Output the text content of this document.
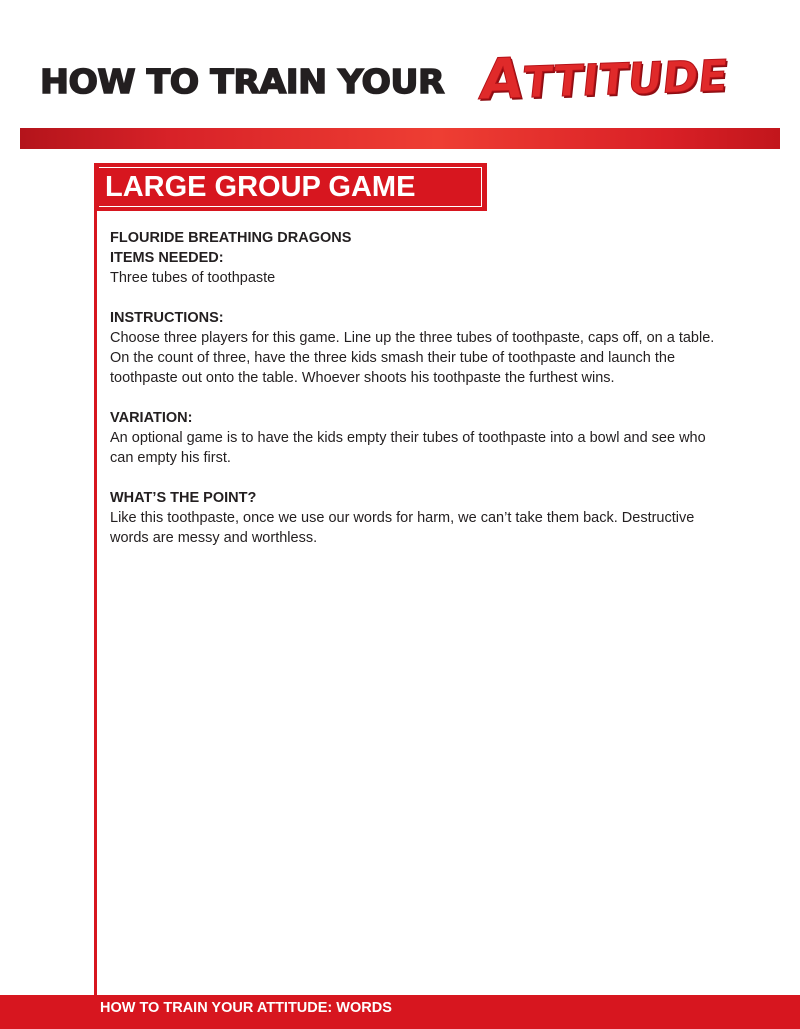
HOW TO TRAIN YOUR ATTITUDE
LARGE GROUP GAME

FLOURIDE BREATHING DRAGONS

ITEMS NEEDED:

Three tubes of toothpaste

INSTRUCTIONS:

Choose three players for this game. Line up the three tubes of toothpaste, caps off, on a table. On the count of three, have the three kids smash their tube of toothpaste and launch the toothpaste out onto the table. Whoever shoots his toothpaste the furthest wins.

VARIATION:

An optional game is to have the kids empty their tubes of toothpaste into a bowl and see who can empty his first.

WHAT’S THE POINT?

Like this toothpaste, once we use our words for harm, we can’t take them back. Destructive words are messy and worthless.

HOW TO TRAIN YOUR ATTITUDE: WORDS
